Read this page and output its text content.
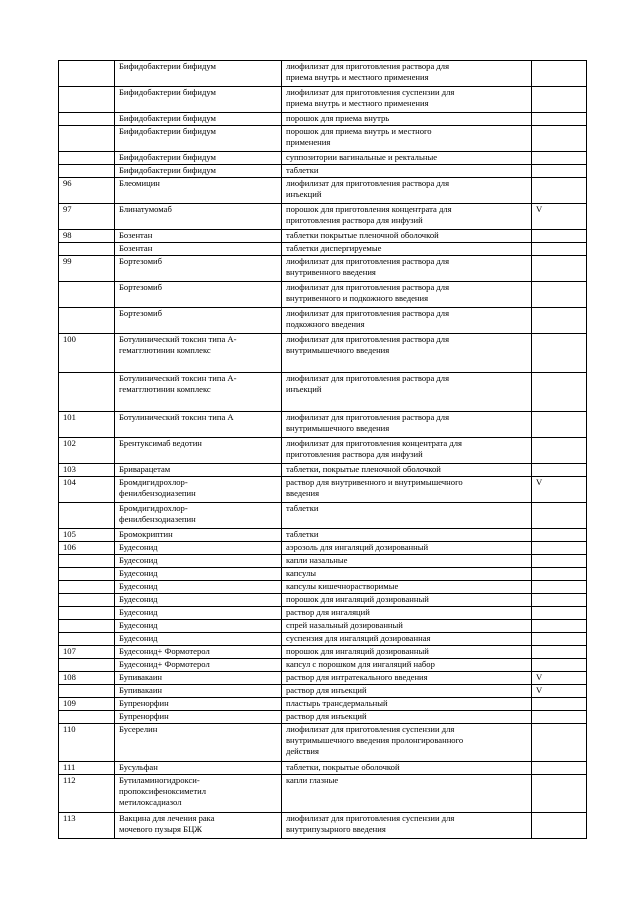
	Бифидобактерии бифидум	лиофилизат для приготовления раствора для
приема внутрь и местного применения	
	Бифидобактерии бифидум	лиофилизат для приготовления суспензии для
приема внутрь и местного применения	
	Бифидобактерии бифидум	порошок для приема внутрь	
	Бифидобактерии бифидум	порошок для приема внутрь и местного
применения	
	Бифидобактерии бифидум	суппозитории вагинальные и ректальные	
	Бифидобактерии бифидум	таблетки	
96	Блеомицин	лиофилизат для приготовления раствора для
инъекций	
97	Блинатумомаб	порошок для приготовления концентрата для
приготовления раствора для инфузий	V
98	Бозентан	таблетки покрытые пленочной оболочкой	
	Бозентан	таблетки диспергируемые	
99	Бортезомиб	лиофилизат для приготовления раствора для
внутривенного введения	
	Бортезомиб	лиофилизат для приготовления раствора для
внутривенного и подкожного введения	
	Бортезомиб	лиофилизат для приготовления раствора для
подкожного введения	
100	Ботулинический токсин типа А-
гемагглютинин комплекс	лиофилизат для приготовления раствора для
внутримышечного введения	
	Ботулинический токсин типа А-
гемагглютинин комплекс	лиофилизат для приготовления раствора для
инъекций	
101	Ботулинический токсин типа А	лиофилизат для приготовления раствора для
внутримышечного введения	
102	Брентуксимаб ведотин	лиофилизат для приготовления концентрата для
приготовления раствора для инфузий	
103	Бриварацетам	таблетки, покрытые пленочной оболочкой	
104	Бромдигидрохлор-
фенилбензодиазепин	раствор для внутривенного и внутримышечного
введения	V
	Бромдигидрохлор-
фенилбензодиазепин	таблетки	
105	Бромокриптин	таблетки	
106	Будесонид	аэрозоль для ингаляций дозированный	
	Будесонид	капли назальные	
	Будесонид	капсулы	
	Будесонид	капсулы кишечнорастворимые	
	Будесонид	порошок для ингаляций дозированный	
	Будесонид	раствор для ингаляций	
	Будесонид	спрей назальный дозированный	
	Будесонид	суспензия для ингаляций дозированная	
107	Будесонид+ Формотерол	порошок для ингаляций дозированный	
	Будесонид+ Формотерол	капсул с порошком для ингаляций набор	
108	Бупивакаин	раствор для интратекального введения	V
	Бупивакаин	раствор для инъекций	V
109	Бупренорфин	пластырь трансдермальный	
	Бупренорфин	раствор для инъекций	
110	Бусерелин	лиофилизат для приготовления суспензии для
внутримышечного введения пролонгированного
действия	
111	Бусульфан	таблетки, покрытые оболочкой	
112	Бутиламиногидрокси-
пропоксифеноксиметил
метилоксадиазол	капли глазные	
113	Вакцина для лечения рака
мочевого пузыря БЦЖ	лиофилизат для приготовления суспензии для
внутрипузырного введения	
